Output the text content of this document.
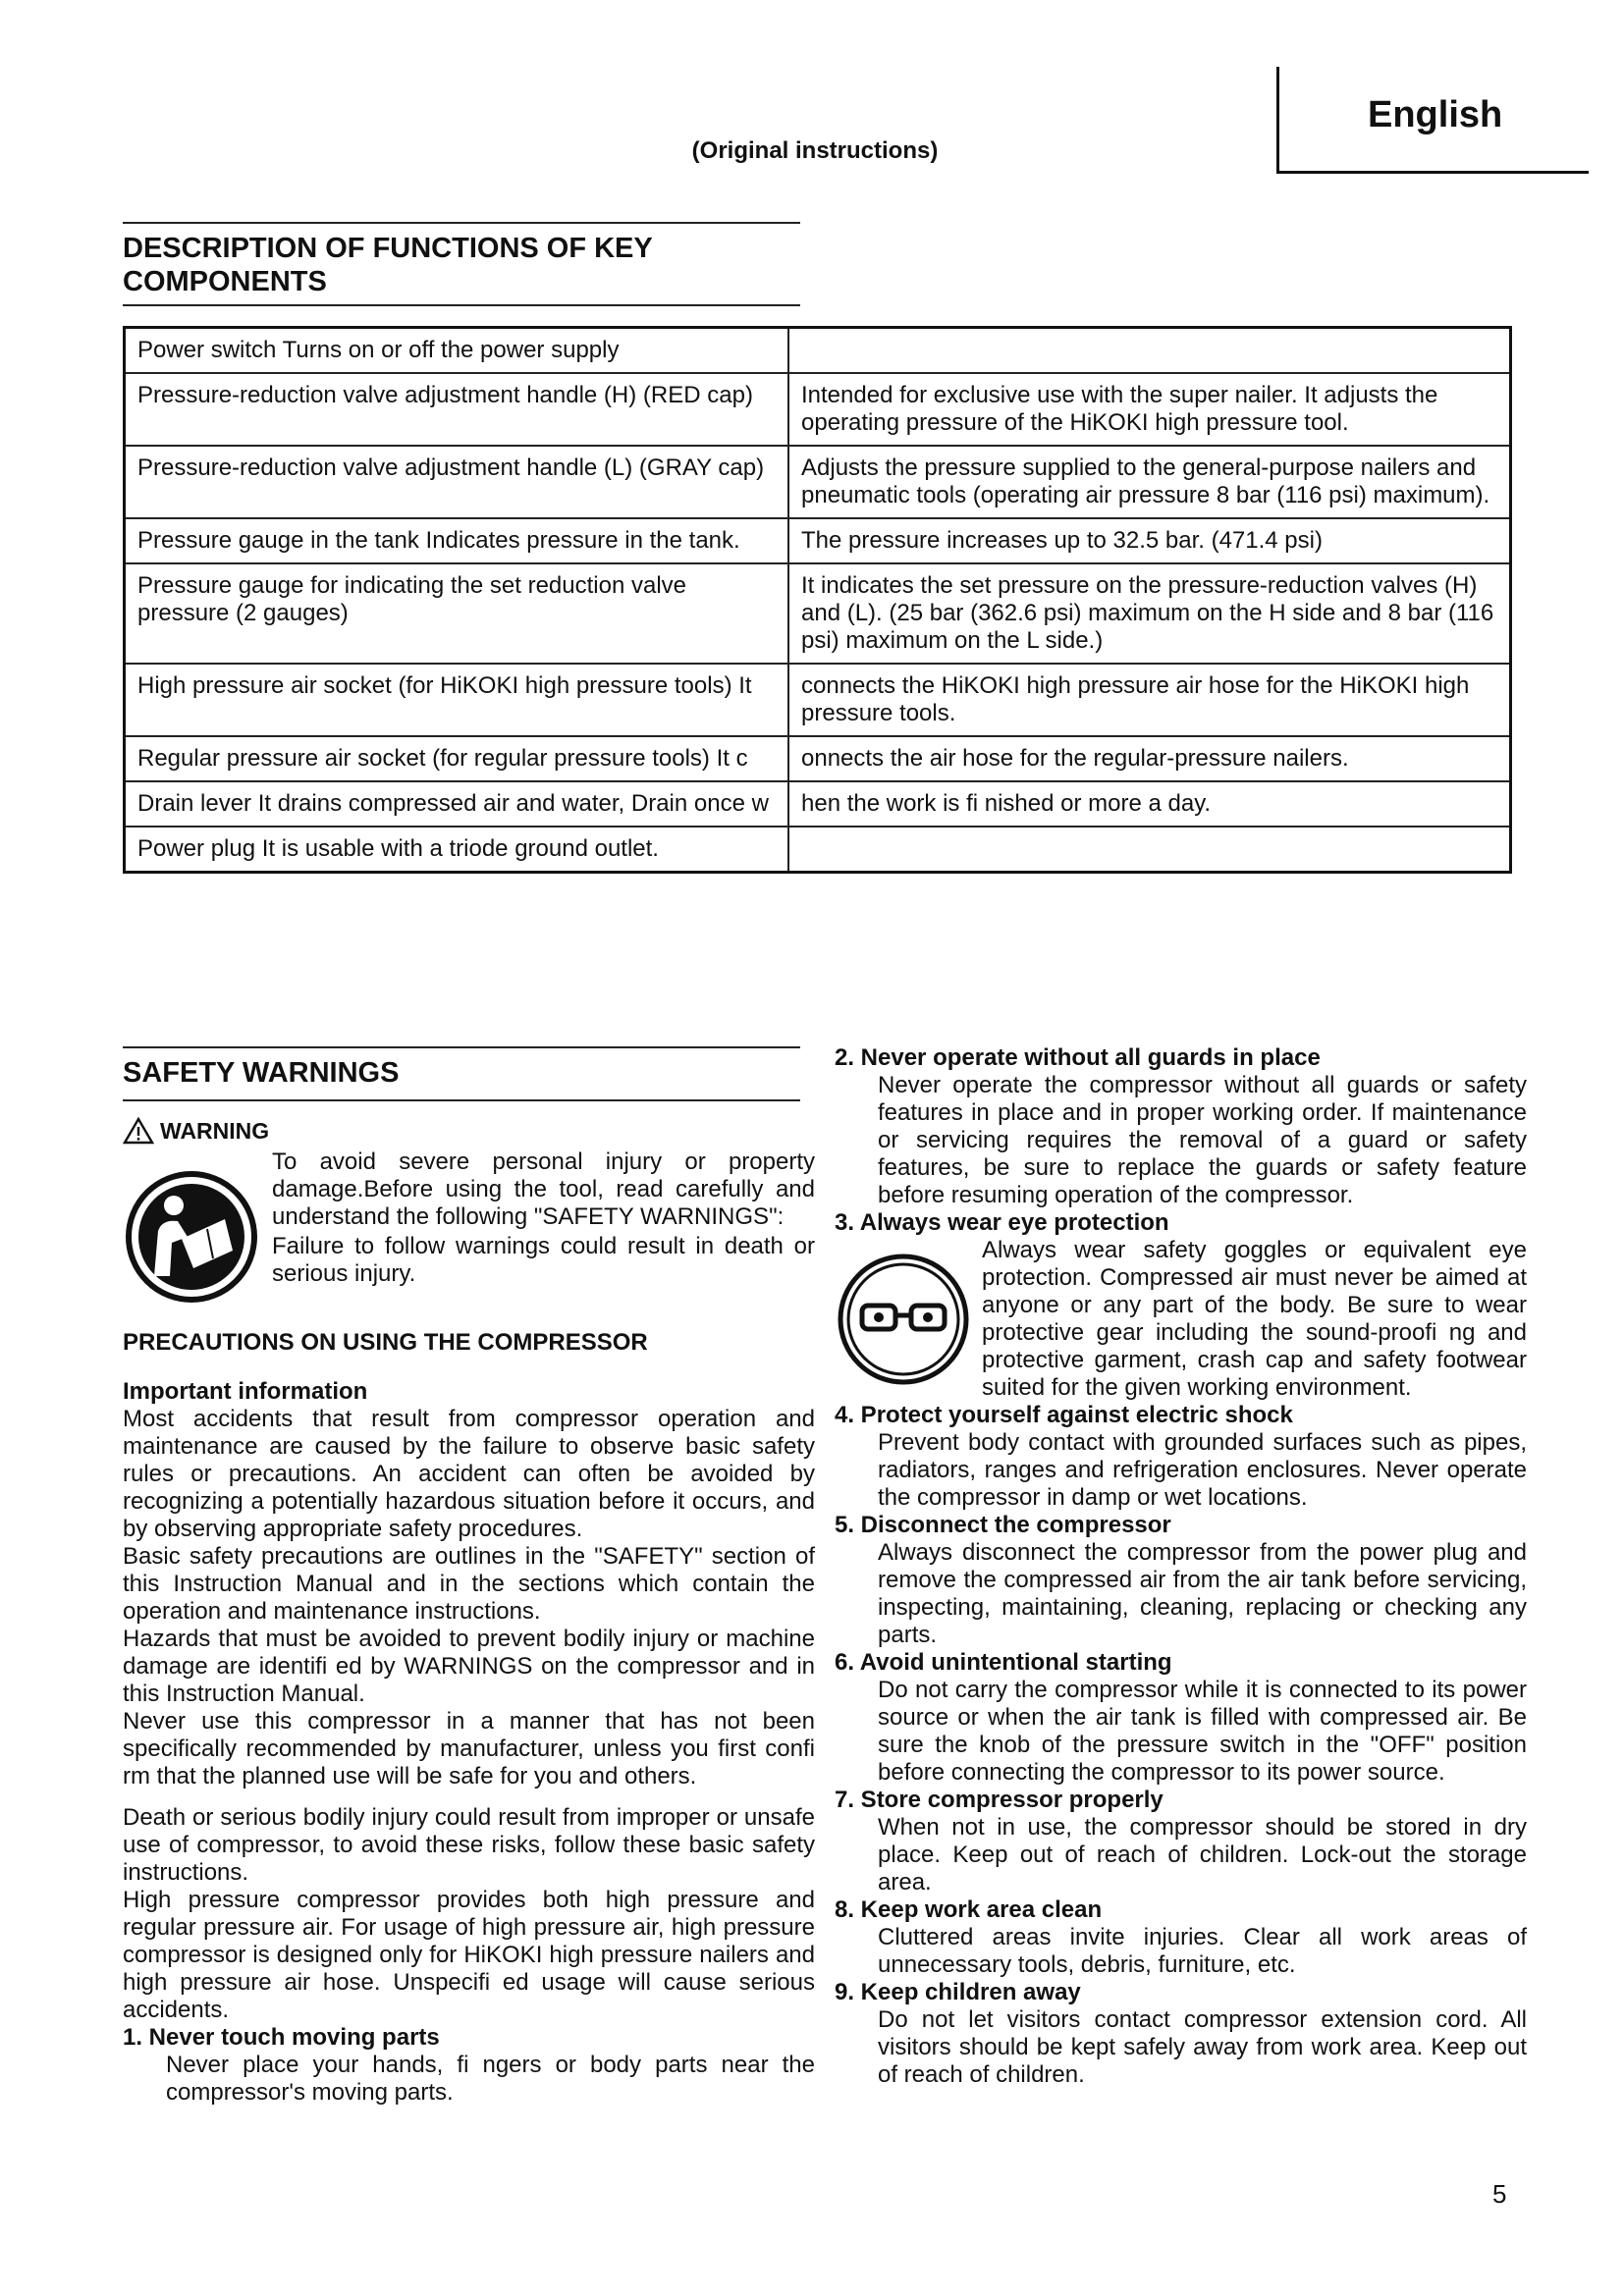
(Original instructions)
English
DESCRIPTION OF FUNCTIONS OF KEY COMPONENTS
Power switch Turns on or off the power supply	
Pressure-reduction valve adjustment handle (H) (RED cap)	Intended for exclusive use with the super nailer. It adjusts the operating pressure of the HiKOKI high pressure tool.
Pressure-reduction valve adjustment handle (L) (GRAY cap)	Adjusts the pressure supplied to the general-purpose nailers and pneumatic tools (operating air pressure 8 bar (116 psi) maximum).
Pressure gauge in the tank Indicates pressure in the tank.	The pressure increases up to 32.5 bar. (471.4 psi)
Pressure gauge for indicating the set reduction valve pressure (2 gauges)	It indicates the set pressure on the pressure-reduction valves (H) and (L). (25 bar (362.6 psi) maximum on the H side and 8 bar (116 psi) maximum on the L side.)
High pressure air socket (for HiKOKI high pressure tools) It	connects the HiKOKI high pressure air hose for the HiKOKI high pressure tools.
Regular pressure air socket (for regular pressure tools) It c	onnects the air hose for the regular-pressure nailers.
Drain lever It drains compressed air and water, Drain once w	hen the work is fi nished or more a day.
Power plug It is usable with a triode ground outlet.	
SAFETY WARNINGS
WARNING

To avoid severe personal injury or property damage.Before using the tool, read carefully and understand the following "SAFETY WARNINGS":

Failure to follow warnings could result in death or serious injury.

PRECAUTIONS ON USING THE COMPRESSOR

Important information

Most accidents that result from compressor operation and maintenance are caused by the failure to observe basic safety rules or precautions. An accident can often be avoided by recognizing a potentially hazardous situation before it occurs, and by observing appropriate safety procedures.

Basic safety precautions are outlines in the "SAFETY" section of this Instruction Manual and in the sections which contain the operation and maintenance instructions.

Hazards that must be avoided to prevent bodily injury or machine damage are identifi ed by WARNINGS on the compressor and in this Instruction Manual.

Never use this compressor in a manner that has not been specifically recommended by manufacturer, unless you first confi rm that the planned use will be safe for you and others.

Death or serious bodily injury could result from improper or unsafe use of compressor, to avoid these risks, follow these basic safety instructions.

High pressure compressor provides both high pressure and regular pressure air. For usage of high pressure air, high pressure compressor is designed only for HiKOKI high pressure nailers and high pressure air hose. Unspecifi ed usage will cause serious accidents.

1. Never touch moving parts

Never place your hands, fi ngers or body parts near the compressor's moving parts.

2. Never operate without all guards in place

Never operate the compressor without all guards or safety features in place and in proper working order. If maintenance or servicing requires the removal of a guard or safety features, be sure to replace the guards or safety feature before resuming operation of the compressor.

3. Always wear eye protection

Always wear safety goggles or equivalent eye protection. Compressed air must never be aimed at anyone or any part of the body. Be sure to wear protective gear including the sound-proofi ng and protective garment, crash cap and safety footwear suited for the given working environment.

4. Protect yourself against electric shock

Prevent body contact with grounded surfaces such as pipes, radiators, ranges and refrigeration enclosures. Never operate the compressor in damp or wet locations.

5. Disconnect the compressor

Always disconnect the compressor from the power plug and remove the compressed air from the air tank before servicing, inspecting, maintaining, cleaning, replacing or checking any parts.

6. Avoid unintentional starting

Do not carry the compressor while it is connected to its power source or when the air tank is filled with compressed air. Be sure the knob of the pressure switch in the "OFF" position before connecting the compressor to its power source.

7. Store compressor properly

When not in use, the compressor should be stored in dry place. Keep out of reach of children. Lock-out the storage area.

8. Keep work area clean

Cluttered areas invite injuries. Clear all work areas of unnecessary tools, debris, furniture, etc.

9. Keep children away

Do not let visitors contact compressor extension cord. All visitors should be kept safely away from work area. Keep out of reach of children.

5
